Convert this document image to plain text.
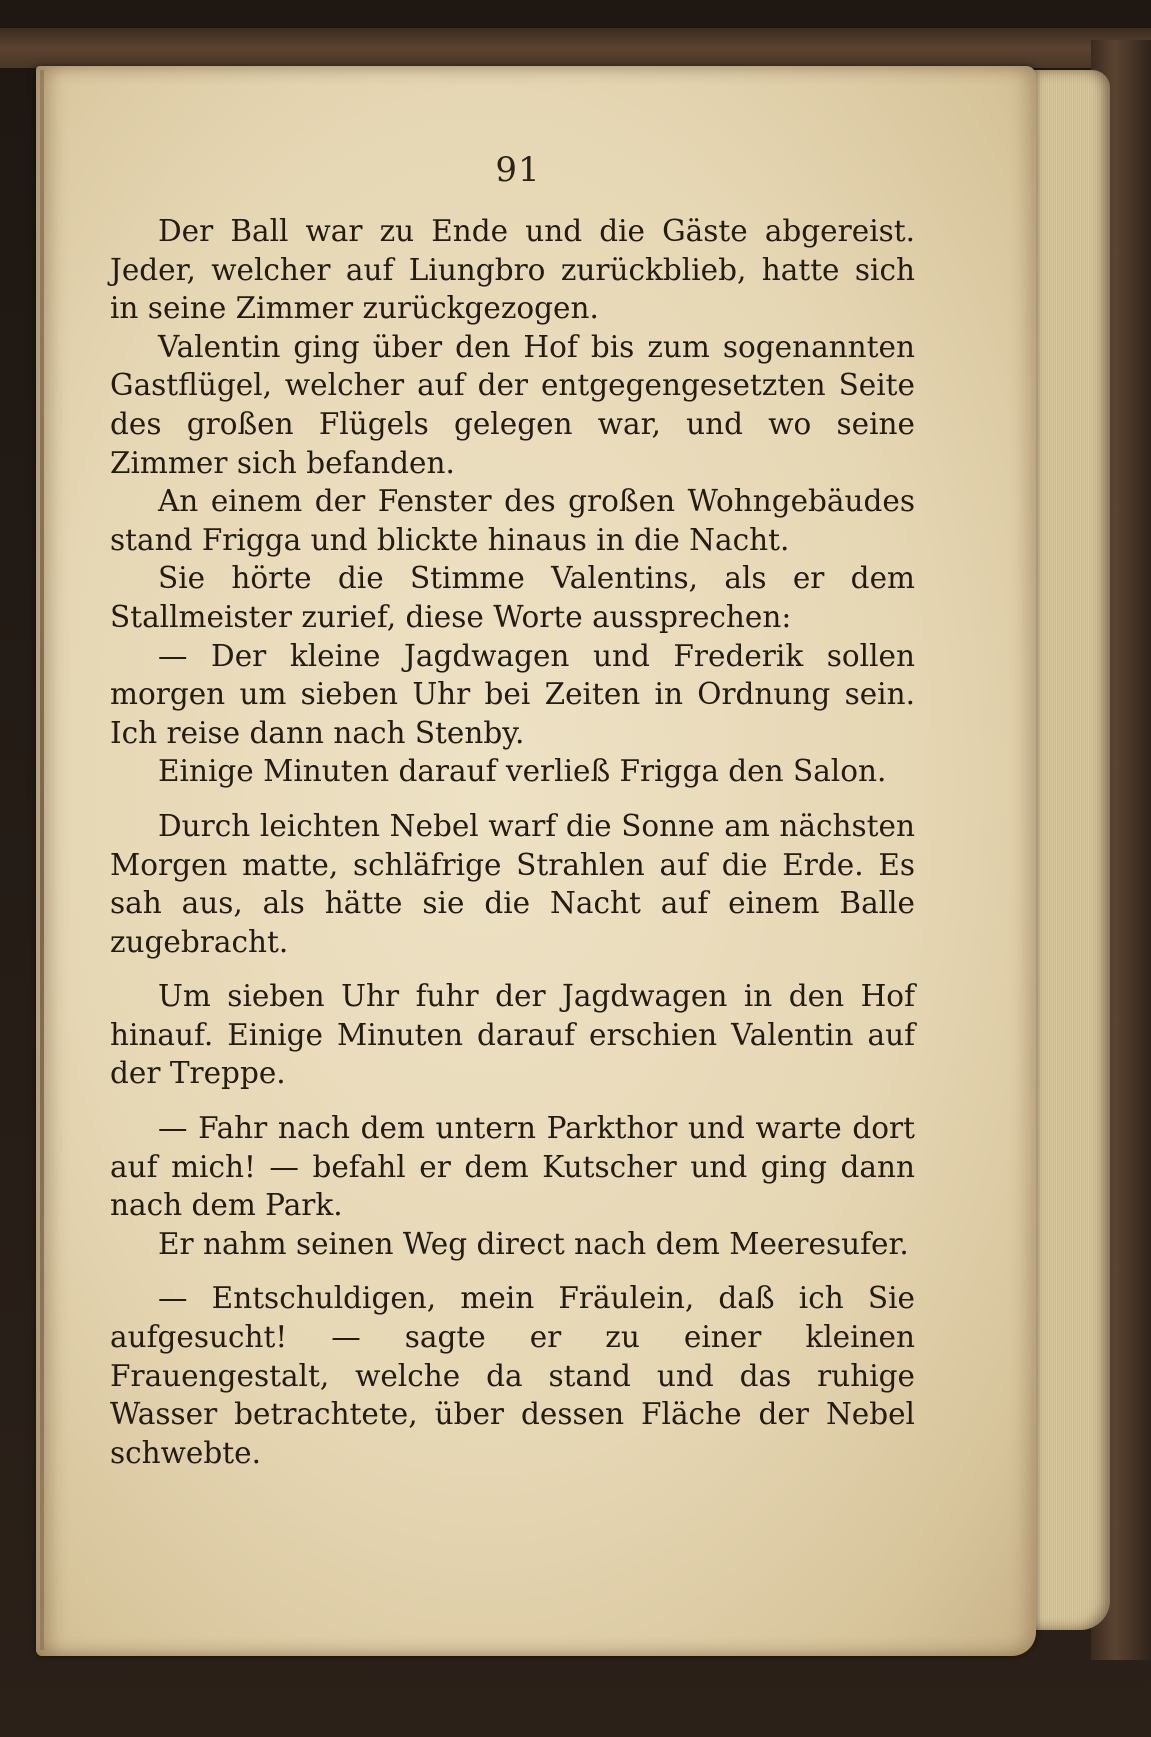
91

Der Ball war zu Ende und die Gäste abgereist. Jeder, welcher auf Liungbro zurückblieb, hatte sich in seine Zimmer zurückgezogen.

Valentin ging über den Hof bis zum sogenannten Gastflügel, welcher auf der entgegengesetzten Seite des großen Flügels gelegen war, und wo seine Zimmer sich befanden.

An einem der Fenster des großen Wohngebäudes stand Frigga und blickte hinaus in die Nacht.

Sie hörte die Stimme Valentins, als er dem Stallmeister zurief, diese Worte aussprechen:

— Der kleine Jagdwagen und Frederik sollen morgen um sieben Uhr bei Zeiten in Ordnung sein. Ich reise dann nach Stenby.

Einige Minuten darauf verließ Frigga den Salon.

Durch leichten Nebel warf die Sonne am nächsten Morgen matte, schläfrige Strahlen auf die Erde. Es sah aus, als hätte sie die Nacht auf einem Balle zugebracht.

Um sieben Uhr fuhr der Jagdwagen in den Hof hinauf. Einige Minuten darauf erschien Valentin auf der Treppe.

— Fahr nach dem untern Parkthor und warte dort auf mich! — befahl er dem Kutscher und ging dann nach dem Park.

Er nahm seinen Weg direct nach dem Meeresufer.

— Entschuldigen, mein Fräulein, daß ich Sie aufgesucht! — sagte er zu einer kleinen Frauengestalt, welche da stand und das ruhige Wasser betrachtete, über dessen Fläche der Nebel schwebte.
